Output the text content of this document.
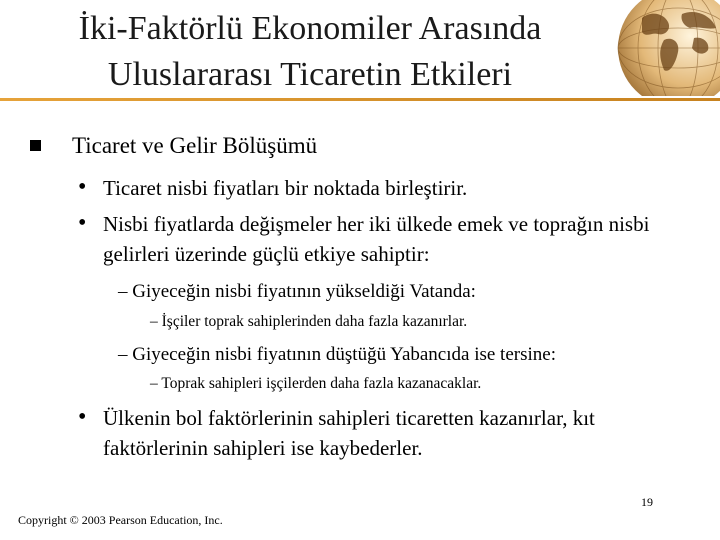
İki-Faktörlü Ekonomiler Arasında
Uluslararası Ticaretin Etkileri
Ticaret ve Gelir Bölüşümü
• Ticaret nisbi fiyatları bir noktada birleştirir.
• Nisbi fiyatlarda değişmeler her iki ülkede emek ve toprağın nisbi gelirleri üzerinde güçlü etkiye sahiptir:
– Giyeceğin nisbi fiyatının yükseldiği Vatanda:
– İşçiler toprak sahiplerinden daha fazla kazanırlar.
– Giyeceğin nisbi fiyatının düştüğü Yabancıda ise tersine:
– Toprak sahipleri işçilerden daha fazla kazanacaklar.
• Ülkenin bol faktörlerinin sahipleri ticaretten kazanırlar, kıt faktörlerinin sahipleri ise kaybederler.
19
Copyright © 2003 Pearson Education, Inc.
